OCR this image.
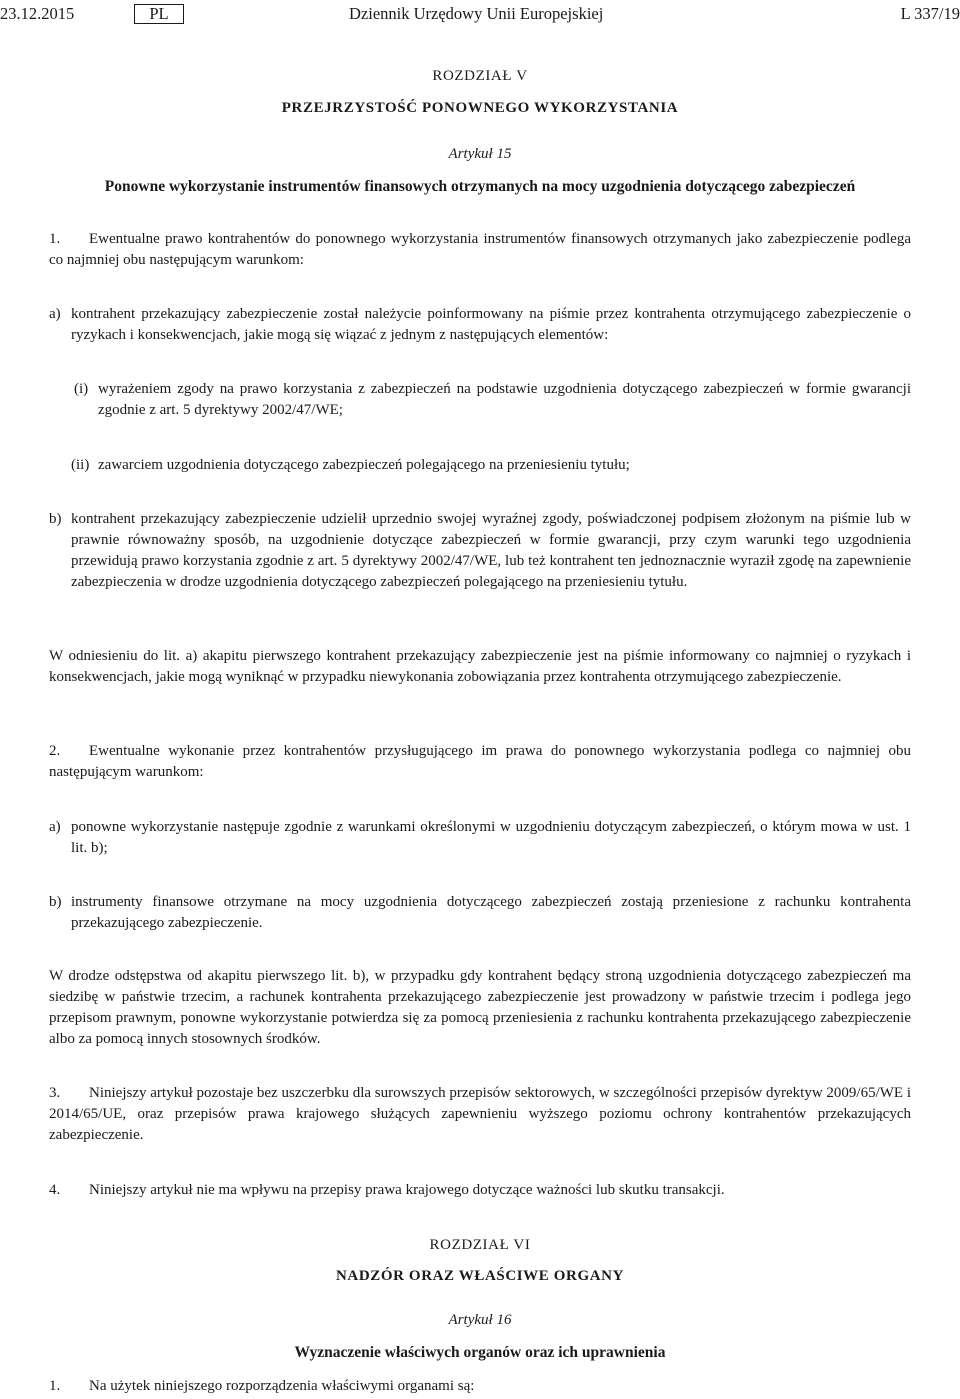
23.12.2015	PL	Dziennik Urzędowy Unii Europejskiej	L 337/19
ROZDZIAŁ V
PRZEJRZYSTOŚĆ PONOWNEGO WYKORZYSTANIA
Artykuł 15
Ponowne wykorzystanie instrumentów finansowych otrzymanych na mocy uzgodnienia dotyczącego zabezpieczeń
1. Ewentualne prawo kontrahentów do ponownego wykorzystania instrumentów finansowych otrzymanych jako zabezpieczenie podlega co najmniej obu następującym warunkom:
a) kontrahent przekazujący zabezpieczenie został należycie poinformowany na piśmie przez kontrahenta otrzymującego zabezpieczenie o ryzykach i konsekwencjach, jakie mogą się wiązać z jednym z następujących elementów:
(i) wyrażeniem zgody na prawo korzystania z zabezpieczeń na podstawie uzgodnienia dotyczącego zabezpieczeń w formie gwarancji zgodnie z art. 5 dyrektywy 2002/47/WE;
(ii) zawarciem uzgodnienia dotyczącego zabezpieczeń polegającego na przeniesieniu tytułu;
b) kontrahent przekazujący zabezpieczenie udzielił uprzednio swojej wyraźnej zgody, poświadczonej podpisem złożonym na piśmie lub w prawnie równoważny sposób, na uzgodnienie dotyczące zabezpieczeń w formie gwarancji, przy czym warunki tego uzgodnienia przewidują prawo korzystania zgodnie z art. 5 dyrektywy 2002/47/WE, lub też kontrahent ten jednoznacznie wyraził zgodę na zapewnienie zabezpieczenia w drodze uzgodnienia dotyczącego zabezpieczeń polegającego na przeniesieniu tytułu.
W odniesieniu do lit. a) akapitu pierwszego kontrahent przekazujący zabezpieczenie jest na piśmie informowany co najmniej o ryzykach i konsekwencjach, jakie mogą wyniknąć w przypadku niewykonania zobowiązania przez kontrahenta otrzymującego zabezpieczenie.
2. Ewentualne wykonanie przez kontrahentów przysługującego im prawa do ponownego wykorzystania podlega co najmniej obu następującym warunkom:
a) ponowne wykorzystanie następuje zgodnie z warunkami określonymi w uzgodnieniu dotyczącym zabezpieczeń, o którym mowa w ust. 1 lit. b);
b) instrumenty finansowe otrzymane na mocy uzgodnienia dotyczącego zabezpieczeń zostają przeniesione z rachunku kontrahenta przekazującego zabezpieczenie.
W drodze odstępstwa od akapitu pierwszego lit. b), w przypadku gdy kontrahent będący stroną uzgodnienia dotyczącego zabezpieczeń ma siedzibę w państwie trzecim, a rachunek kontrahenta przekazującego zabezpieczenie jest prowadzony w państwie trzecim i podlega jego przepisom prawnym, ponowne wykorzystanie potwierdza się za pomocą przeniesienia z rachunku kontrahenta przekazującego zabezpieczenie albo za pomocą innych stosownych środków.
3. Niniejszy artykuł pozostaje bez uszczerbku dla surowszych przepisów sektorowych, w szczególności przepisów dyrektyw 2009/65/WE i 2014/65/UE, oraz przepisów prawa krajowego służących zapewnieniu wyższego poziomu ochrony kontrahentów przekazujących zabezpieczenie.
4. Niniejszy artykuł nie ma wpływu na przepisy prawa krajowego dotyczące ważności lub skutku transakcji.
ROZDZIAŁ VI
NADZÓR ORAZ WŁAŚCIWE ORGANY
Artykuł 16
Wyznaczenie właściwych organów oraz ich uprawnienia
1. Na użytek niniejszego rozporządzenia właściwymi organami są:
